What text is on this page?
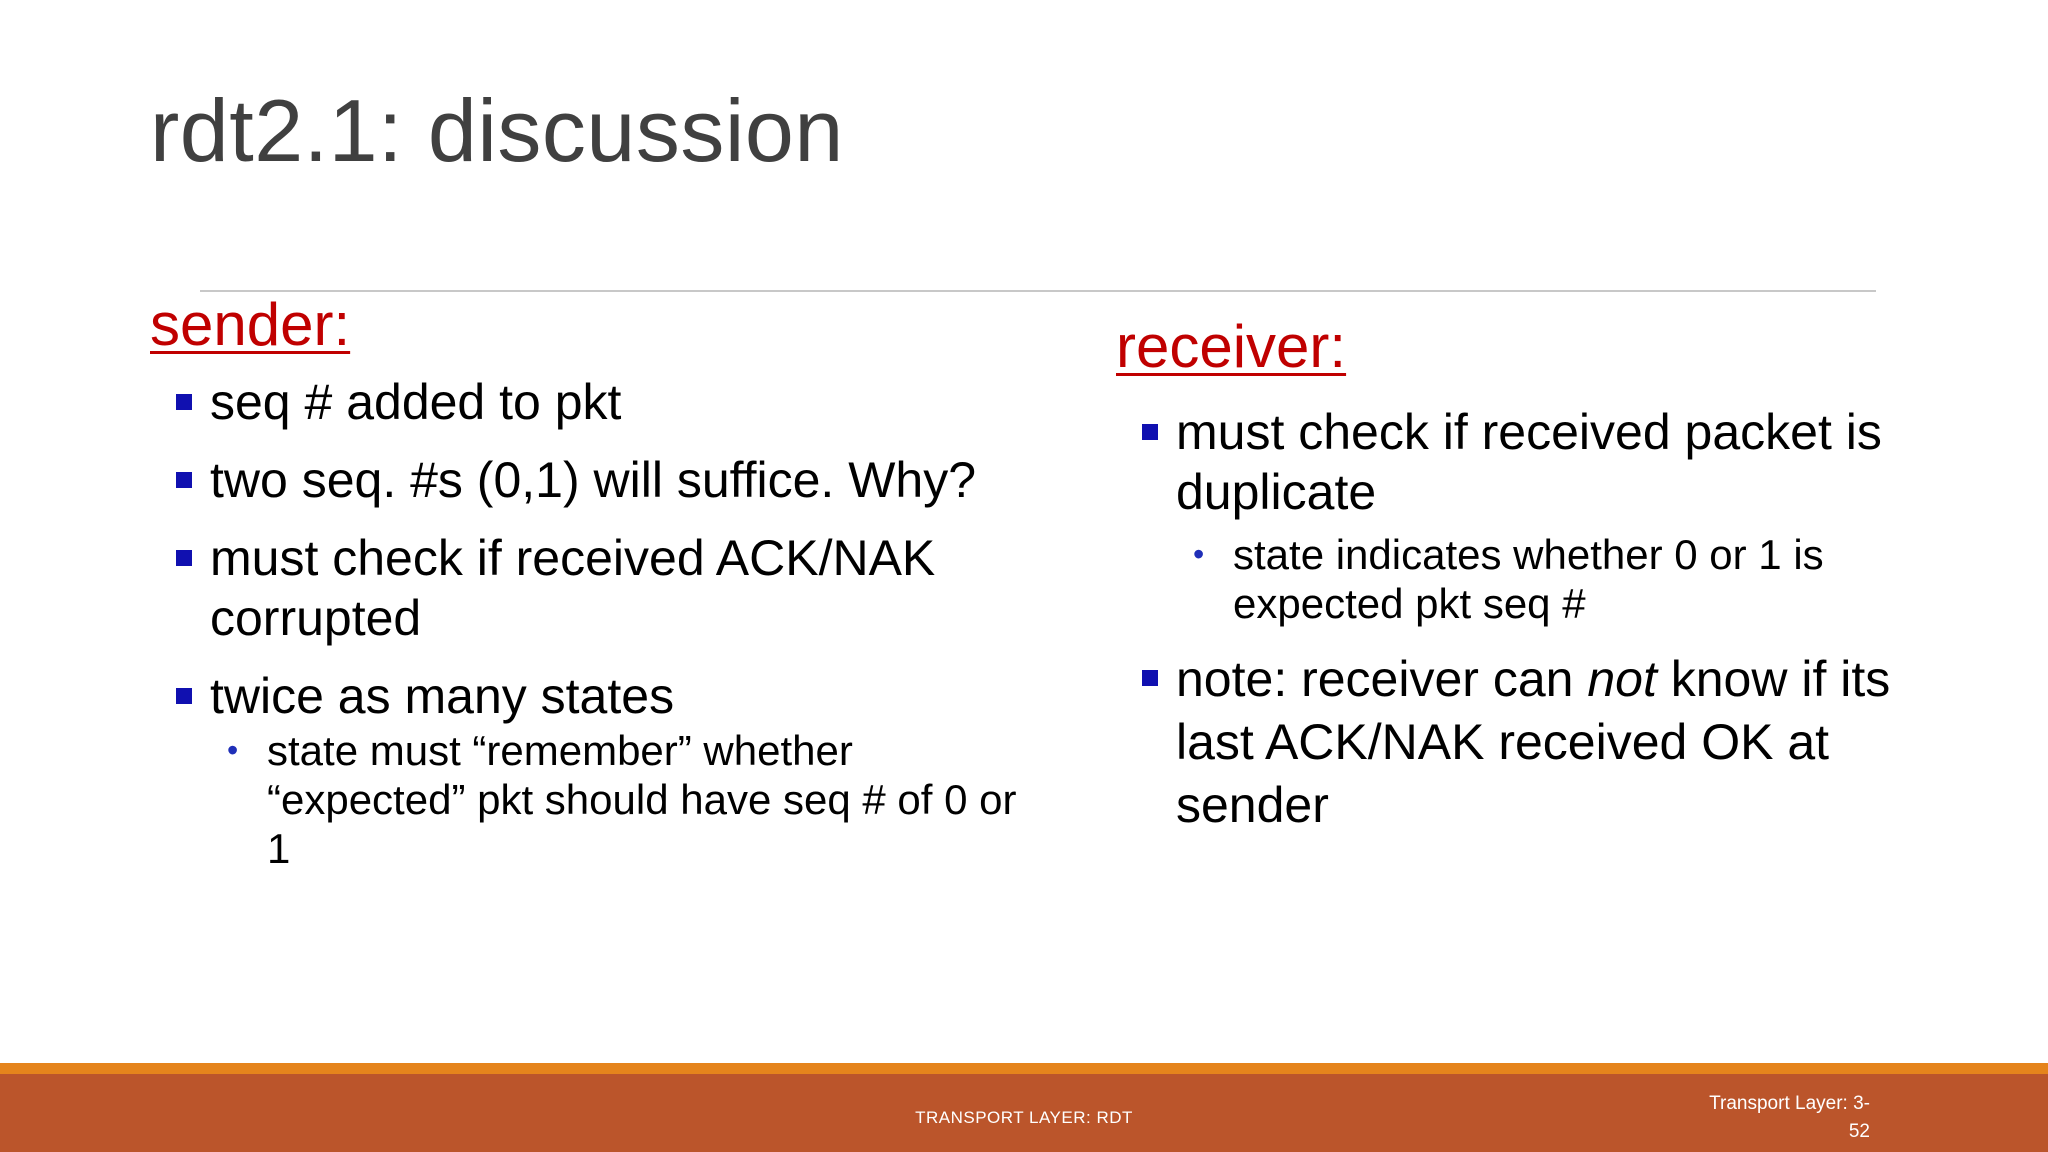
rdt2.1: discussion
sender:
seq # added to pkt
two seq. #s (0,1) will suffice. Why?
must check if received ACK/NAK corrupted
twice as many states
• state must “remember” whether “expected” pkt should have seq # of 0 or 1
receiver:
must check if received packet is duplicate
• state indicates whether 0 or 1 is expected pkt seq #
note: receiver can not know if its last ACK/NAK received OK at sender
TRANSPORT LAYER: RDT
Transport Layer: 3-
52
